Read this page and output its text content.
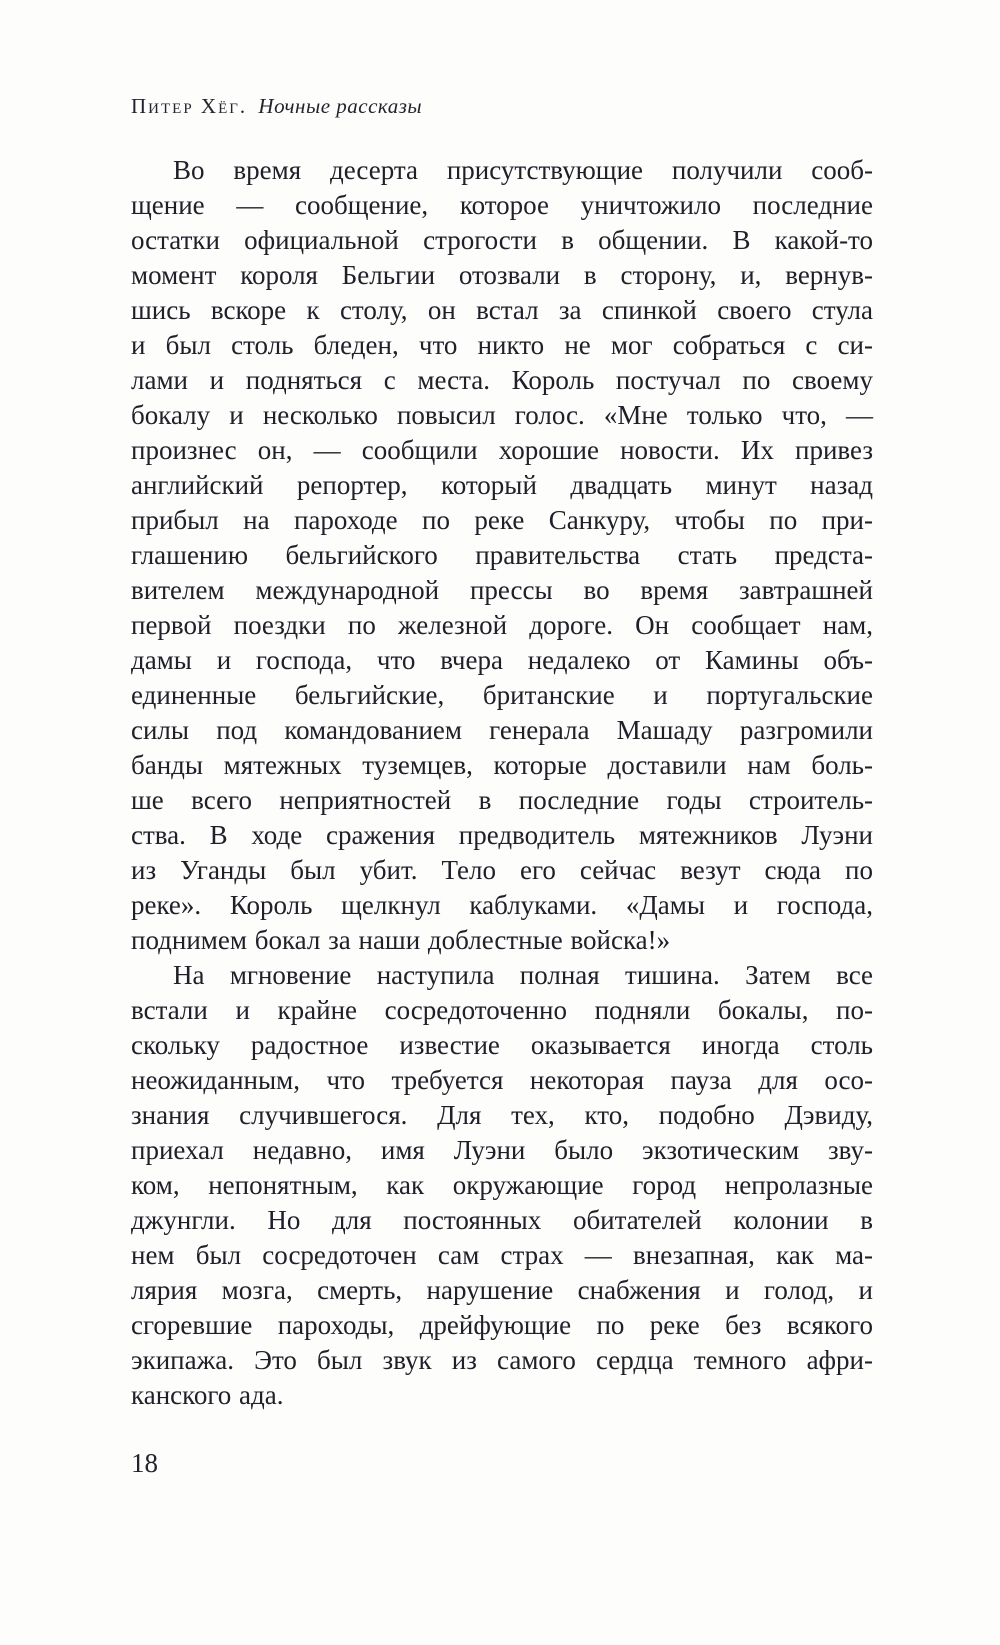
Питер Хёг. Ночные рассказы

Во время десерта присутствующие получили сооб-
щение — сообщение, которое уничтожило последние
остатки официальной строгости в общении. В какой-то
момент короля Бельгии отозвали в сторону, и, вернув-
шись вскоре к столу, он встал за спинкой своего стула
и был столь бледен, что никто не мог собраться с си-
лами и подняться с места. Король постучал по своему
бокалу и несколько повысил голос. «Мне только что, —
произнес он, — сообщили хорошие новости. Их привез
английский репортер, который двадцать минут назад
прибыл на пароходе по реке Санкуру, чтобы по при-
глашению бельгийского правительства стать предста-
вителем международной прессы во время завтрашней
первой поездки по железной дороге. Он сообщает нам,
дамы и господа, что вчера недалеко от Камины объ-
единенные бельгийские, британские и португальские
силы под командованием генерала Машаду разгромили
банды мятежных туземцев, которые доставили нам боль-
ше всего неприятностей в последние годы строитель-
ства. В ходе сражения предводитель мятежников Луэни
из Уганды был убит. Тело его сейчас везут сюда по
реке». Король щелкнул каблуками. «Дамы и господа,
поднимем бокал за наши доблестные войска!»

На мгновение наступила полная тишина. Затем все
встали и крайне сосредоточенно подняли бокалы, по-
скольку радостное известие оказывается иногда столь
неожиданным, что требуется некоторая пауза для осо-
знания случившегося. Для тех, кто, подобно Дэвиду,
приехал недавно, имя Луэни было экзотическим зву-
ком, непонятным, как окружающие город непролазные
джунгли. Но для постоянных обитателей колонии в
нем был сосредоточен сам страх — внезапная, как ма-
лярия мозга, смерть, нарушение снабжения и голод, и
сгоревшие пароходы, дрейфующие по реке без всякого
экипажа. Это был звук из самого сердца темного афри-
канского ада.

18
